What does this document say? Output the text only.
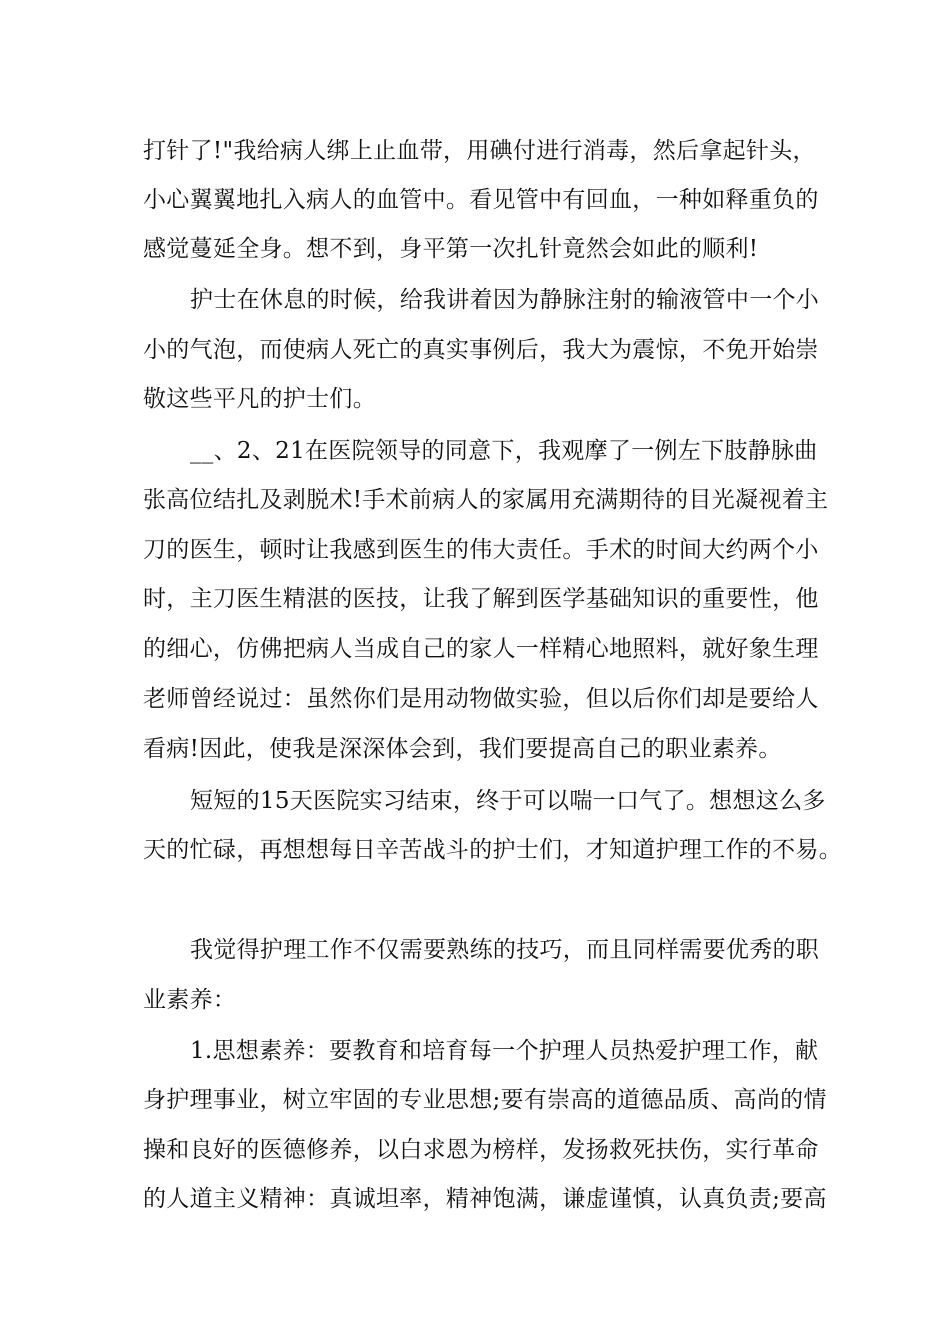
打针了!"我给病人绑上止血带，用碘付进行消毒，然后拿起针头，
小心翼翼地扎入病人的血管中。看见管中有回血，一种如释重负的
感觉蔓延全身。想不到，身平第一次扎针竟然会如此的顺利!
护士在休息的时候，给我讲着因为静脉注射的输液管中一个小
小的气泡，而使病人死亡的真实事例后，我大为震惊，不免开始崇
敬这些平凡的护士们。
__、2、21在医院领导的同意下，我观摩了一例左下肢静脉曲
张高位结扎及剥脱术!手术前病人的家属用充满期待的目光凝视着主
刀的医生，顿时让我感到医生的伟大责任。手术的时间大约两个小
时，主刀医生精湛的医技，让我了解到医学基础知识的重要性，他
的细心，仿佛把病人当成自己的家人一样精心地照料，就好象生理
老师曾经说过：虽然你们是用动物做实验，但以后你们却是要给人
看病!因此，使我是深深体会到，我们要提高自己的职业素养。
短短的15天医院实习结束，终于可以喘一口气了。想想这么多
天的忙碌，再想想每日辛苦战斗的护士们，才知道护理工作的不易。
我觉得护理工作不仅需要熟练的技巧，而且同样需要优秀的职
业素养：
1.思想素养：要教育和培育每一个护理人员热爱护理工作，献
身护理事业，树立牢固的专业思想;要有崇高的道德品质、高尚的情
操和良好的医德修养，以白求恩为榜样，发扬救死扶伤，实行革命
的人道主义精神：真诚坦率，精神饱满，谦虚谨慎，认真负责;要高
